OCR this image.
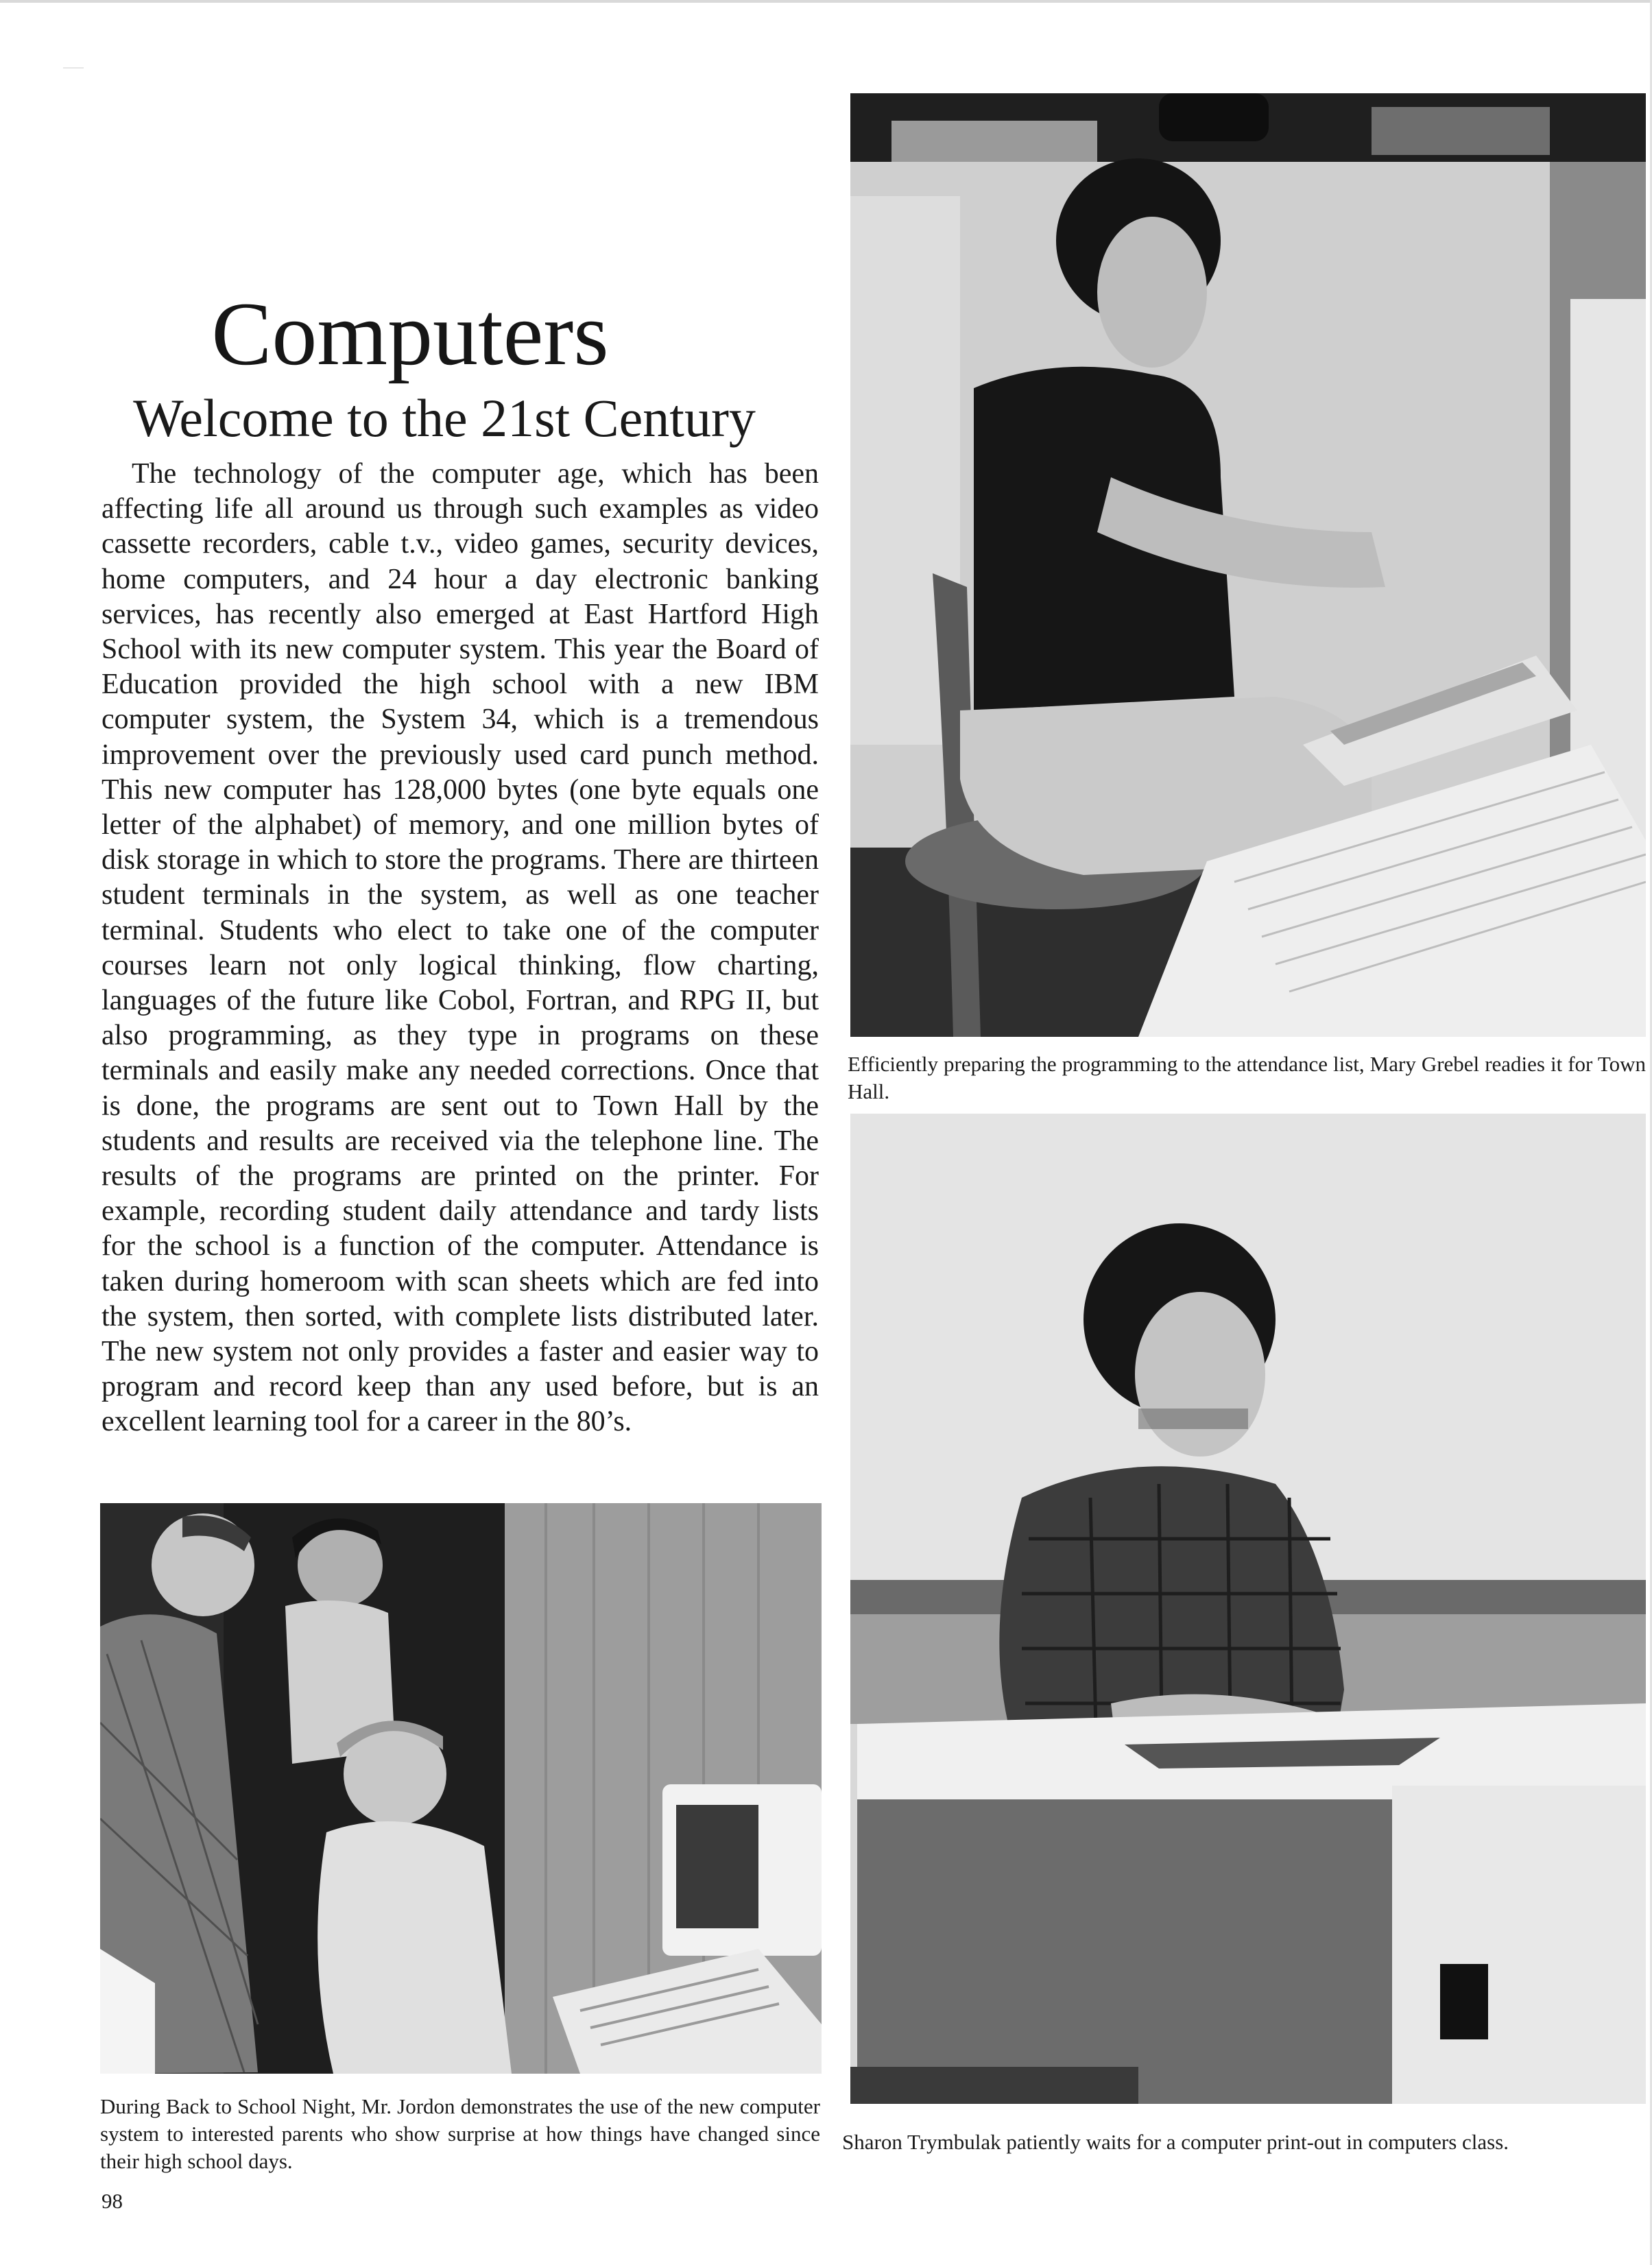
Computers
Welcome to the 21st Century

The technology of the computer age, which has been affecting life all around us through such examples as video cassette recorders, cable t.v., video games, security devices, home computers, and 24 hour a day electronic banking services, has recently also emerged at East Hartford High School with its new computer system. This year the Board of Education provided the high school with a new IBM computer system, the System 34, which is a tremendous improvement over the previously used card punch method. This new computer has 128,000 bytes (one byte equals one letter of the alphabet) of memory, and one million bytes of disk storage in which to store the programs. There are thirteen student terminals in the system, as well as one teacher terminal. Students who elect to take one of the computer courses learn not only logical thinking, flow charting, languages of the future like Cobol, Fortran, and RPG II, but also programming, as they type in programs on these terminals and easily make any needed corrections. Once that is done, the programs are sent out to Town Hall by the students and results are received via the telephone line. The results of the programs are printed on the printer. For example, recording student daily attendance and tardy lists for the school is a function of the computer. Attendance is taken during homeroom with scan sheets which are fed into the system, then sorted, with complete lists distributed later. The new system not only provides a faster and easier way to program and record keep than any used before, but is an excellent learning tool for a career in the 80’s.

Efficiently preparing the programming to the attendance list, Mary Grebel readies it for Town Hall.

Sharon Trymbulak patiently waits for a computer print-out in computers class.

During Back to School Night, Mr. Jordon demonstrates the use of the new computer system to interested parents who show surprise at how things have changed since their high school days.

98
